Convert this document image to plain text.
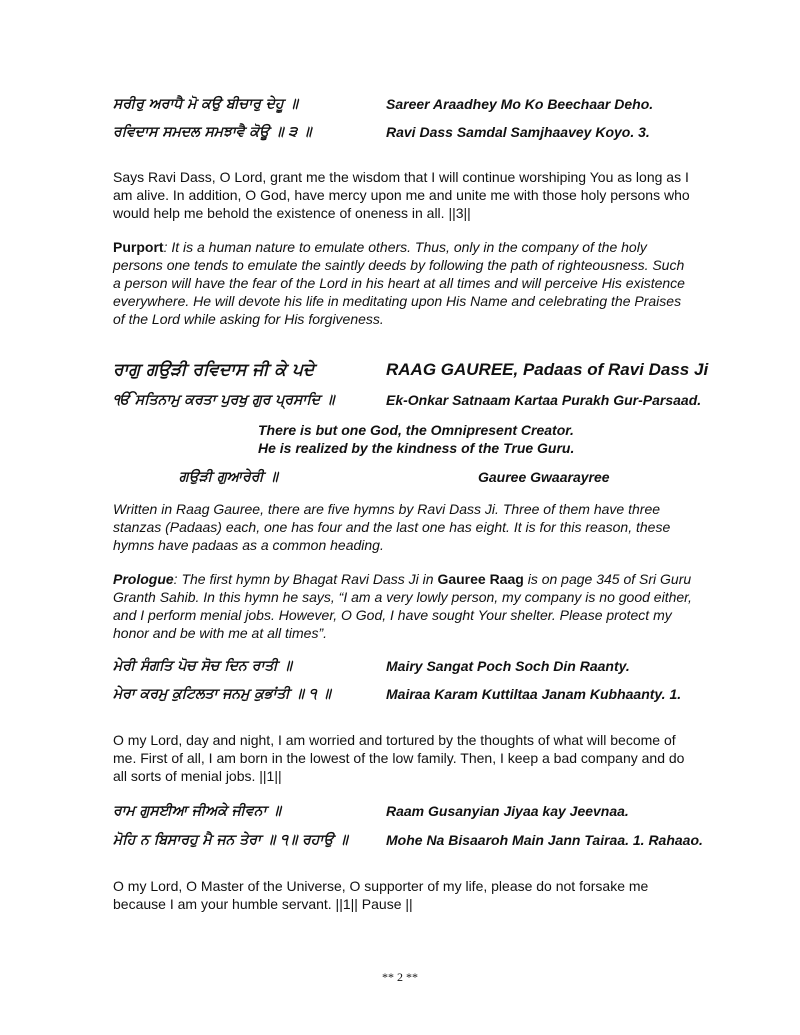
ਸਰੀਰੁ ਅਰਾਧੈ ਮੋ ਕਉ ਬੀਚਾਰੁ ਦੇਹੂ ॥	Sareer Araadhey Mo Ko Beechaar Deho.
ਰਵਿਦਾਸ ਸਮਦਲ ਸਮਝਾਵੈ ਕੋਊ ॥ ੩ ॥	Ravi Dass Samdal Samjhaavey Koyo. 3.
Says Ravi Dass, O Lord, grant me the wisdom that I will continue worshiping You as long as I am alive. In addition, O God, have mercy upon me and unite me with those holy persons who would help me behold the existence of oneness in all. ||3||
Purport: It is a human nature to emulate others. Thus, only in the company of the holy persons one tends to emulate the saintly deeds by following the path of righteousness. Such a person will have the fear of the Lord in his heart at all times and will perceive His existence everywhere. He will devote his life in meditating upon His Name and celebrating the Praises of the Lord while asking for His forgiveness.
ਰਾਗੁ ਗਉੜੀ ਰਵਿਦਾਸ ਜੀ ਕੇ ਪਦੇ	RAAG GAUREE, Padaas of Ravi Dass Ji
ੴ ਸਤਿਨਾਮੁ ਕਰਤਾ ਪੁਰਖੁ ਗੁਰ ਪ੍ਰਸਾਦਿ ॥	Ek-Onkar Satnaam Kartaa Purakh Gur-Parsaad.
There is but one God, the Omnipresent Creator.
He is realized by the kindness of the True Guru.
ਗਉੜੀ ਗੁਆਰੇਰੀ ॥	Gauree Gwaarayree
Written in Raag Gauree, there are five hymns by Ravi Dass Ji. Three of them have three stanzas (Padaas) each, one has four and the last one has eight. It is for this reason, these hymns have padaas as a common heading.
Prologue: The first hymn by Bhagat Ravi Dass Ji in Gauree Raag is on page 345 of Sri Guru Granth Sahib. In this hymn he says, “I am a very lowly person, my company is no good either, and I perform menial jobs. However, O God, I have sought Your shelter. Please protect my honor and be with me at all times”.
ਮੇਰੀ ਸੰਗਤਿ ਪੋਚ ਸੋਚ ਦਿਨ ਰਾਤੀ ॥	Mairy Sangat Poch Soch Din Raanty.
ਮੇਰਾ ਕਰਮੁ ਕੁਟਿਲਤਾ ਜਨਮੁ ਕੁਭਾਂਤੀ ॥ ੧ ॥	Mairaa Karam Kuttiltaa Janam Kubhaanty. 1.
O my Lord, day and night, I am worried and tortured by the thoughts of what will become of me. First of all, I am born in the lowest of the low family. Then, I keep a bad company and do all sorts of menial jobs. ||1||
ਰਾਮ ਗੁਸਈਆ ਜੀਅਕੇ ਜੀਵਨਾ ॥	Raam Gusanyian Jiyaa kay Jeevnaa.
ਮੋਹਿ ਨ ਬਿਸਾਰਹੁ ਮੈ ਜਨ ਤੇਰਾ ॥ ੧॥ ਰਹਾਉ ॥	Mohe Na Bisaaroh Main Jann Tairaa. 1. Rahaao.
O my Lord, O Master of the Universe, O supporter of my life, please do not forsake me because I am your humble servant. ||1|| Pause ||
** 2 **
